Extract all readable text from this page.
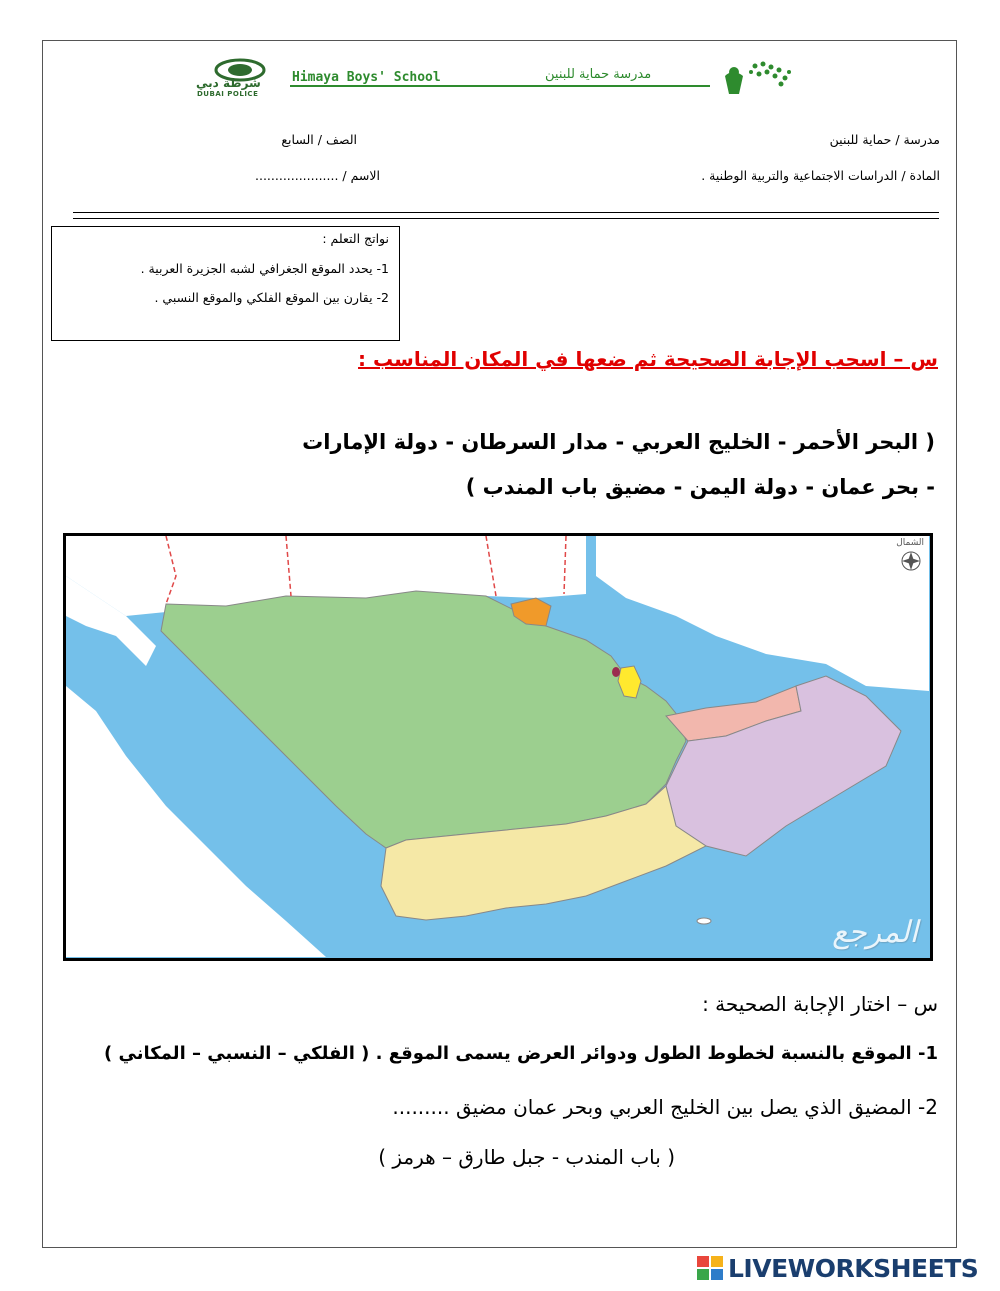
شرطة دبي
DUBAI POLICE
Himaya Boys' School	مدرسة حماية للبنين
مدرسة / حماية للبنين
الصف / السابع
المادة / الدراسات الاجتماعية والتربية الوطنية .
الاسم / .....................
نواتج التعلم :
1- يحدد الموقع الجغرافي لشبه الجزيرة العربية .
2- يقارن بين الموقع الفلكي والموقع النسبي .
س – اسحب الإجابة الصحيحة ثم ضعها في المكان المناسب :
( البحر الأحمر - الخليج العربي - مدار السرطان - دولة الإمارات
- بحر عمان - دولة اليمن - مضيق باب المندب )
الشمال
المرجع
س – اختار الإجابة الصحيحة :
1- الموقع بالنسبة لخطوط الطول ودوائر العرض يسمى الموقع . ( الفلكي – النسبي – المكاني )
2- المضيق الذي يصل بين الخليج العربي وبحر عمان مضيق .........
( باب المندب - جبل طارق – هرمز )
LIVEWORKSHEETS
